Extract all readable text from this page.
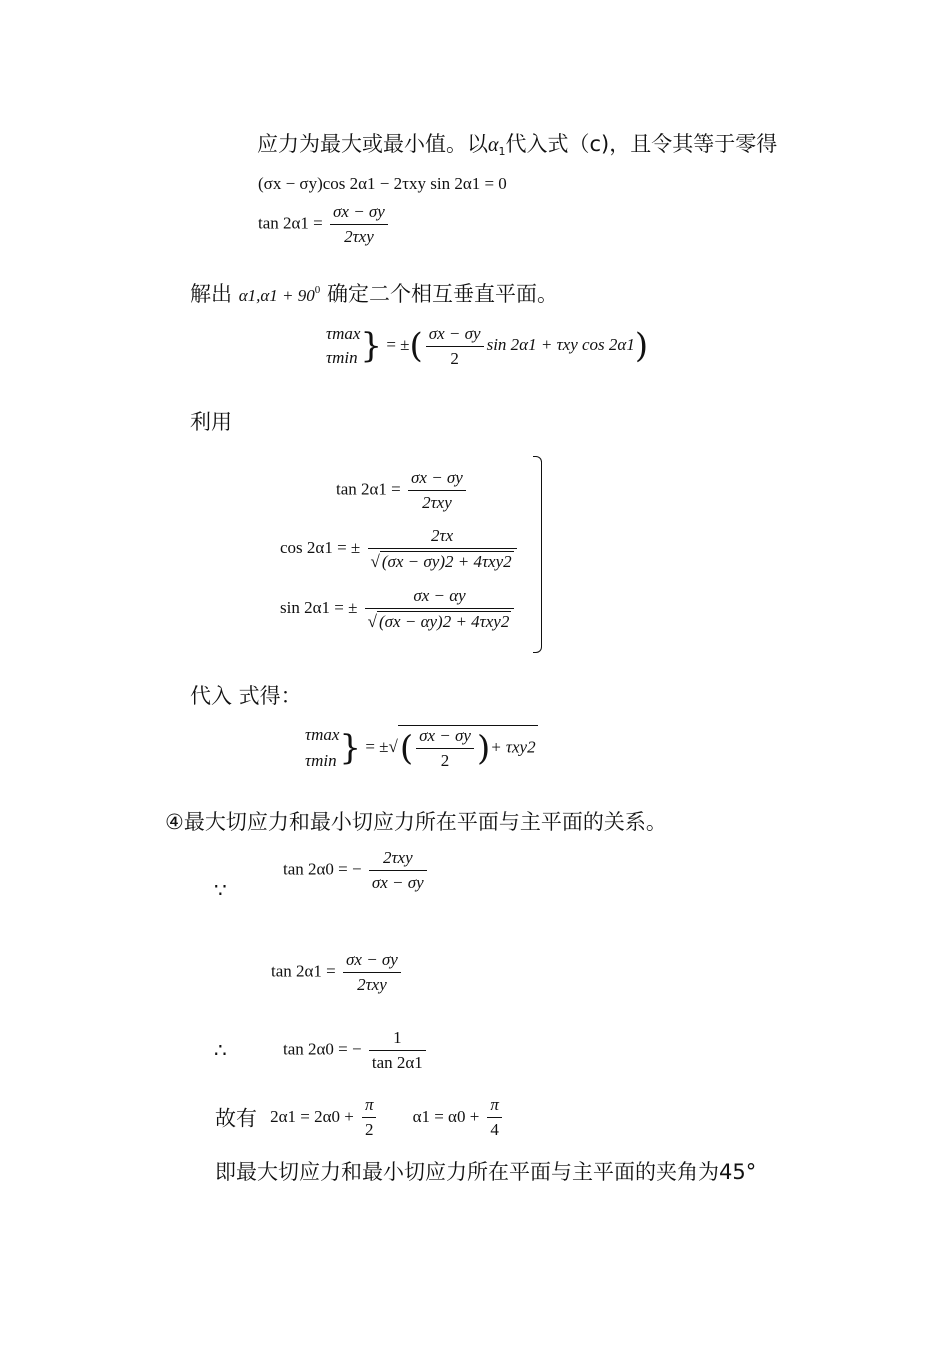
应力为最大或最小值。以α1代入式（c)，且令其等于零得
(σx − σy)cos 2α1 − 2τxy sin 2α1 = 0
$\tan 2\alpha 1 = \frac{\sigma x - \sigma y}{\text{2τxy}}$
解出 $\alpha 1,\alpha 1 + 90^0$ 确定二个相互垂直平面。
τmax
τmin } = ±( $\frac{\sigma x - \sigma y}{2}$ sin 2α1 + τxy cos 2α1)
利用
$\tan 2\alpha 1 = \frac{\sigma x - \sigma y}{\text{2τxy}}$
cos 2α1 = ± $\frac{2\tau x}{\text{√ (σx − σy)2 + 4τxy2}}$
sin 2α1 = ± $\frac{\sigma x - \alpha y}{\text{√ (σx − αy)2 + 4τxy2}}$
代入 式得：
τmax
τmin } = ±√( $\frac{\sigma x - \sigma y}{2}$ )+ τxy2
④最大切应力和最小切应力所在平面与主平面的关系。
∵
tan 2α0 = − $\frac{\text{2τxy}}{\sigma x - \sigma y}$
$\tan 2\alpha 1 = \frac{\sigma x - \sigma y}{\text{2τxy}}$
∴	tan 2α0 = − $\frac{1}{\tan 2\alpha 1}$
故有 $2\alpha 1 = 2\alpha 0 + \frac{\pi}{2} \alpha 1 = \alpha 0 + \frac{\pi}{4}$
即最大切应力和最小切应力所在平面与主平面的夹角为45°
